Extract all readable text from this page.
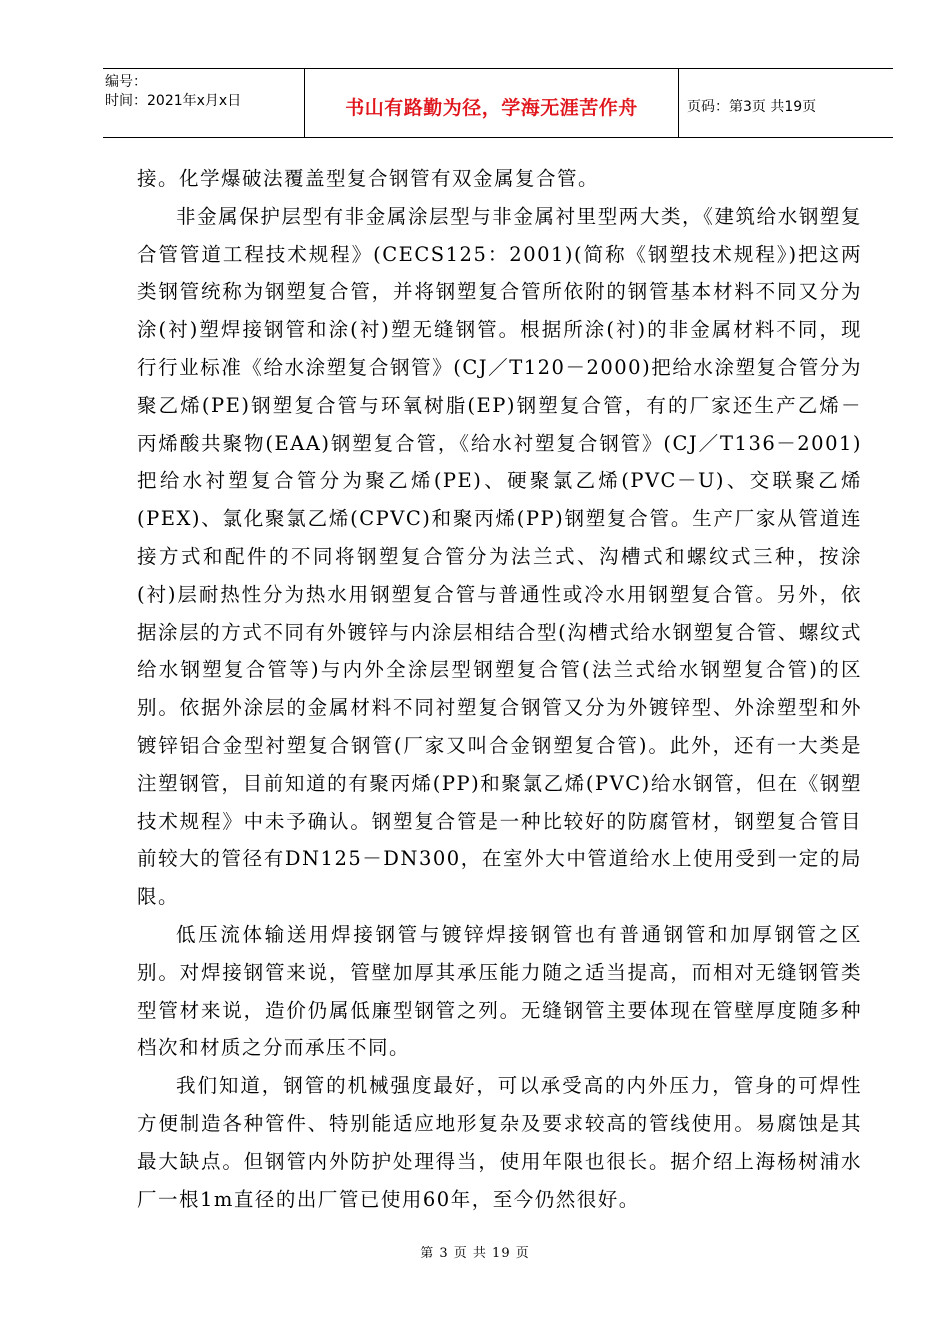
编号：
时间：2021年x月x日	书山有路勤为径，学海无涯苦作舟	页码：第3页 共19页

接。化学爆破法覆盖型复合钢管有双金属复合管。

非金属保护层型有非金属涂层型与非金属衬里型两大类，《建筑给水钢塑复合管管道工程技术规程》(CECS125：2001)(简称《钢塑技术规程》)把这两类钢管统称为钢塑复合管，并将钢塑复合管所依附的钢管基本材料不同又分为涂(衬)塑焊接钢管和涂(衬)塑无缝钢管。根据所涂(衬)的非金属材料不同，现行行业标准《给水涂塑复合钢管》(CJ／T120－2000)把给水涂塑复合管分为聚乙烯(PE)钢塑复合管与环氧树脂(EP)钢塑复合管，有的厂家还生产乙烯－丙烯酸共聚物(EAA)钢塑复合管，《给水衬塑复合钢管》(CJ／T136－2001)把给水衬塑复合管分为聚乙烯(PE)、硬聚氯乙烯(PVC－U)、交联聚乙烯(PEX)、氯化聚氯乙烯(CPVC)和聚丙烯(PP)钢塑复合管。生产厂家从管道连接方式和配件的不同将钢塑复合管分为法兰式、沟槽式和螺纹式三种，按涂(衬)层耐热性分为热水用钢塑复合管与普通性或冷水用钢塑复合管。另外，依据涂层的方式不同有外镀锌与内涂层相结合型(沟槽式给水钢塑复合管、螺纹式给水钢塑复合管等)与内外全涂层型钢塑复合管(法兰式给水钢塑复合管)的区别。依据外涂层的金属材料不同衬塑复合钢管又分为外镀锌型、外涂塑型和外镀锌铝合金型衬塑复合钢管(厂家又叫合金钢塑复合管)。此外，还有一大类是注塑钢管，目前知道的有聚丙烯(PP)和聚氯乙烯(PVC)给水钢管，但在《钢塑技术规程》中未予确认。钢塑复合管是一种比较好的防腐管材，钢塑复合管目前较大的管径有DN125－DN300，在室外大中管道给水上使用受到一定的局限。

低压流体输送用焊接钢管与镀锌焊接钢管也有普通钢管和加厚钢管之区别。对焊接钢管来说，管壁加厚其承压能力随之适当提高，而相对无缝钢管类型管材来说，造价仍属低廉型钢管之列。无缝钢管主要体现在管壁厚度随多种档次和材质之分而承压不同。

我们知道，钢管的机械强度最好，可以承受高的内外压力，管身的可焊性方便制造各种管件、特别能适应地形复杂及要求较高的管线使用。易腐蚀是其最大缺点。但钢管内外防护处理得当，使用年限也很长。据介绍上海杨树浦水厂一根1m直径的出厂管已使用60年，至今仍然很好。

第 3 页 共 19 页
